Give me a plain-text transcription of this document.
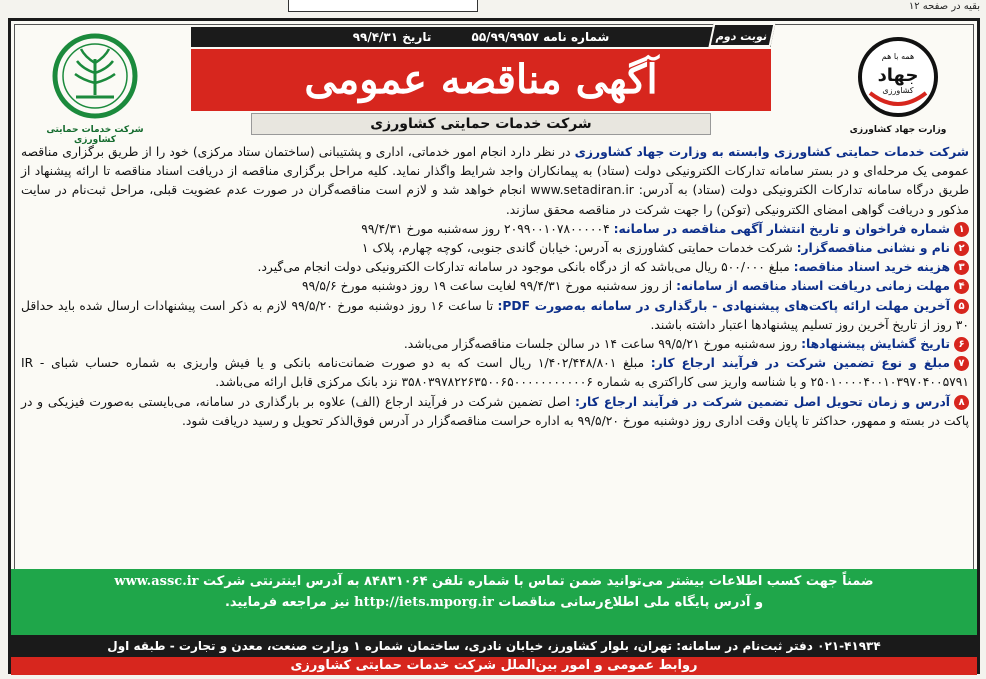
بقیه در صفحه ۱۲
شرکت خدمات حمایتی کشاورزی
شماره نامه ۵۵/۹۹/۹۹۵۷ تاریخ ۹۹/۴/۳۱	نوبت دوم
آگهی مناقصه عمومی
شرکت خدمات حمایتی کشاورزی
همه با هم
جهاد
کشاورزی
وزارت جهاد کشاورزی

شرکت خدمات حمایتی کشاورزی وابسته به وزارت جهاد کشاورزی در نظر دارد انجام امور خدماتی، اداری و پشتیبانی (ساختمان ستاد مرکزی) خود را از طریق برگزاری مناقصه عمومی یک مرحله‌ای و در بستر سامانه تدارکات الکترونیکی دولت (ستاد) به پیمانکاران واجد شرایط واگذار نماید. کلیه مراحل برگزاری مناقصه از دریافت اسناد مناقصه تا ارائه پیشنهاد از طریق درگاه سامانه تدارکات الکترونیکی دولت (ستاد) به آدرس: www.setadiran.ir انجام خواهد شد و لازم است مناقصه‌گران در صورت عدم عضویت قبلی، مراحل ثبت‌نام در سایت مذکور و دریافت گواهی امضای الکترونیکی (توکن) را جهت شرکت در مناقصه محقق سازند.

۱شماره فراخوان و تاریخ انتشار آگهی مناقصه در سامانه: ۲۰۹۹۰۰۱۰۷۸۰۰۰۰۰۴ روز سه‌شنبه مورخ ۹۹/۴/۳۱

۲نام و نشانی مناقصه‌گزار: شرکت خدمات حمایتی کشاورزی به آدرس: خیابان گاندی جنوبی، کوچه چهارم، پلاک ۱

۳هزینه خرید اسناد مناقصه: مبلغ ۵۰۰/۰۰۰ ریال می‌باشد که از درگاه بانکی موجود در سامانه تدارکات الکترونیکی دولت انجام می‌گیرد.

۴مهلت زمانی دریافت اسناد مناقصه از سامانه: از روز سه‌شنبه مورخ ۹۹/۴/۳۱ لغایت ساعت ۱۹ روز دوشنبه مورخ ۹۹/۵/۶

۵آخرین مهلت ارائه پاکت‌های پیشنهادی - بارگذاری در سامانه به‌صورت PDF: تا ساعت ۱۶ روز دوشنبه مورخ ۹۹/۵/۲۰ لازم به ذکر است پیشنهادات ارسال شده باید حداقل ۳۰ روز از تاریخ آخرین روز تسلیم پیشنهادها اعتبار داشته باشند.

۶تاریخ گشایش پیشنهادها: روز سه‌شنبه مورخ ۹۹/۵/۲۱ ساعت ۱۴ در سالن جلسات مناقصه‌گزار می‌باشد.

۷مبلغ و نوع تضمین شرکت در فرآیند ارجاع کار: مبلغ ۱/۴۰۲/۴۴۸/۸۰۱ ریال است که به دو صورت ضمانت‌نامه بانکی و یا فیش واریزی به شماره حساب شبای IR - ۲۵۰۱۰۰۰۰۴۰۰۱۰۳۹۷۰۴۰۰۵۷۹۱ و با شناسه واریز سی کاراکتری به شماره ۳۵۸۰۳۹۷۸۲۲۶۳۵۰۰۶۵۰۰۰۰۰۰۰۰۰۰۰۶ نزد بانک مرکزی قابل ارائه می‌باشد.

۸آدرس و زمان تحویل اصل تضمین شرکت در فرآیند ارجاع کار: اصل تضمین شرکت در فرآیند ارجاع (الف) علاوه بر بارگذاری در سامانه، می‌بایستی به‌صورت فیزیکی و در پاکت در بسته و ممهور، حداکثر تا پایان وقت اداری روز دوشنبه مورخ ۹۹/۵/۲۰ به اداره حراست مناقصه‌گزار در آدرس فوق‌الذکر تحویل و رسید دریافت شود.

ضمناً جهت کسب اطلاعات بیشتر می‌توانید ضمن تماس با شماره تلفن ۸۴۸۳۱۰۶۴ به آدرس اینترنتی شرکت www.assc.ir
و آدرس پایگاه ملی اطلاع‌رسانی مناقصات http://iets.mporg.ir نیز مراجعه فرمایید.
۰۲۱-۴۱۹۳۴ دفتر ثبت‌نام در سامانه: تهران، بلوار کشاورز، خیابان نادری، ساختمان شماره ۱ وزارت صنعت، معدن و تجارت - طبقه اول
روابط عمومی و امور بین‌الملل شرکت خدمات حمایتی کشاورزی
